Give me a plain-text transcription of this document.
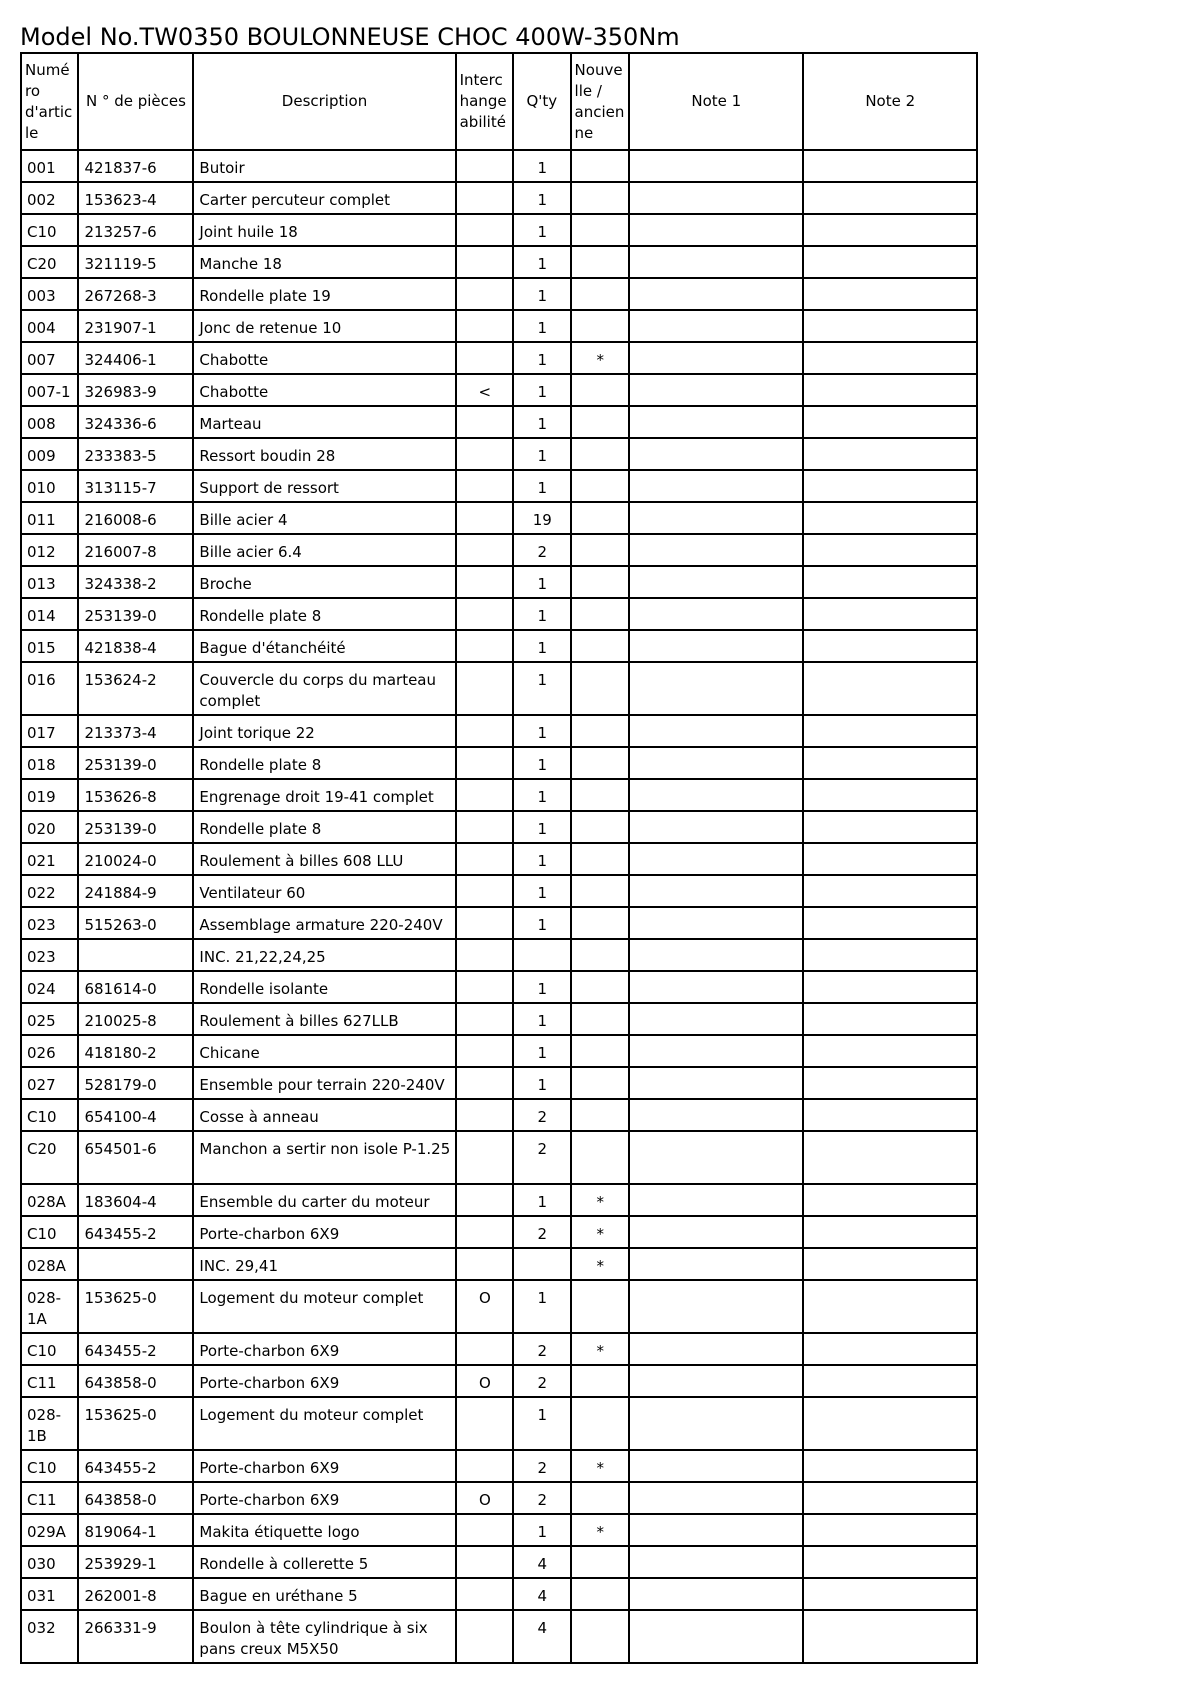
Model No.TW0350 BOULONNEUSE CHOC 400W-350Nm
Numéro d'article	N ° de pièces	Description	Interchangeabilité	Q'ty	Nouvelle / ancienne	Note 1	Note 2
001	421837-6	Butoir		1			
002	153623-4	Carter percuteur complet		1			
C10	213257-6	Joint huile 18		1			
C20	321119-5	Manche 18		1			
003	267268-3	Rondelle plate 19		1			
004	231907-1	Jonc de retenue 10		1			
007	324406-1	Chabotte		1	*		
007-1	326983-9	Chabotte	<	1			
008	324336-6	Marteau		1			
009	233383-5	Ressort boudin 28		1			
010	313115-7	Support de ressort		1			
011	216008-6	Bille acier 4		19			
012	216007-8	Bille acier 6.4		2			
013	324338-2	Broche		1			
014	253139-0	Rondelle plate 8		1			
015	421838-4	Bague d'étanchéité		1			
016	153624-2	Couvercle du corps du marteau complet		1			
017	213373-4	Joint torique 22		1			
018	253139-0	Rondelle plate 8		1			
019	153626-8	Engrenage droit 19-41 complet		1			
020	253139-0	Rondelle plate 8		1			
021	210024-0	Roulement à billes 608 LLU		1			
022	241884-9	Ventilateur 60		1			
023	515263-0	Assemblage armature 220-240V		1			
023		INC. 21,22,24,25					
024	681614-0	Rondelle isolante		1			
025	210025-8	Roulement à billes 627LLB		1			
026	418180-2	Chicane		1			
027	528179-0	Ensemble pour terrain 220-240V		1			
C10	654100-4	Cosse à anneau		2			
C20	654501-6	Manchon a sertir non isole P-1.25		2			
028A	183604-4	Ensemble du carter du moteur		1	*		
C10	643455-2	Porte-charbon 6X9		2	*		
028A		INC. 29,41			*		
028-1A	153625-0	Logement du moteur complet	O	1			
C10	643455-2	Porte-charbon 6X9		2	*		
C11	643858-0	Porte-charbon 6X9	O	2			
028-1B	153625-0	Logement du moteur complet		1			
C10	643455-2	Porte-charbon 6X9		2	*		
C11	643858-0	Porte-charbon 6X9	O	2			
029A	819064-1	Makita étiquette logo		1	*		
030	253929-1	Rondelle à collerette 5		4			
031	262001-8	Bague en uréthane 5		4			
032	266331-9	Boulon à tête cylindrique à six pans creux M5X50		4			
